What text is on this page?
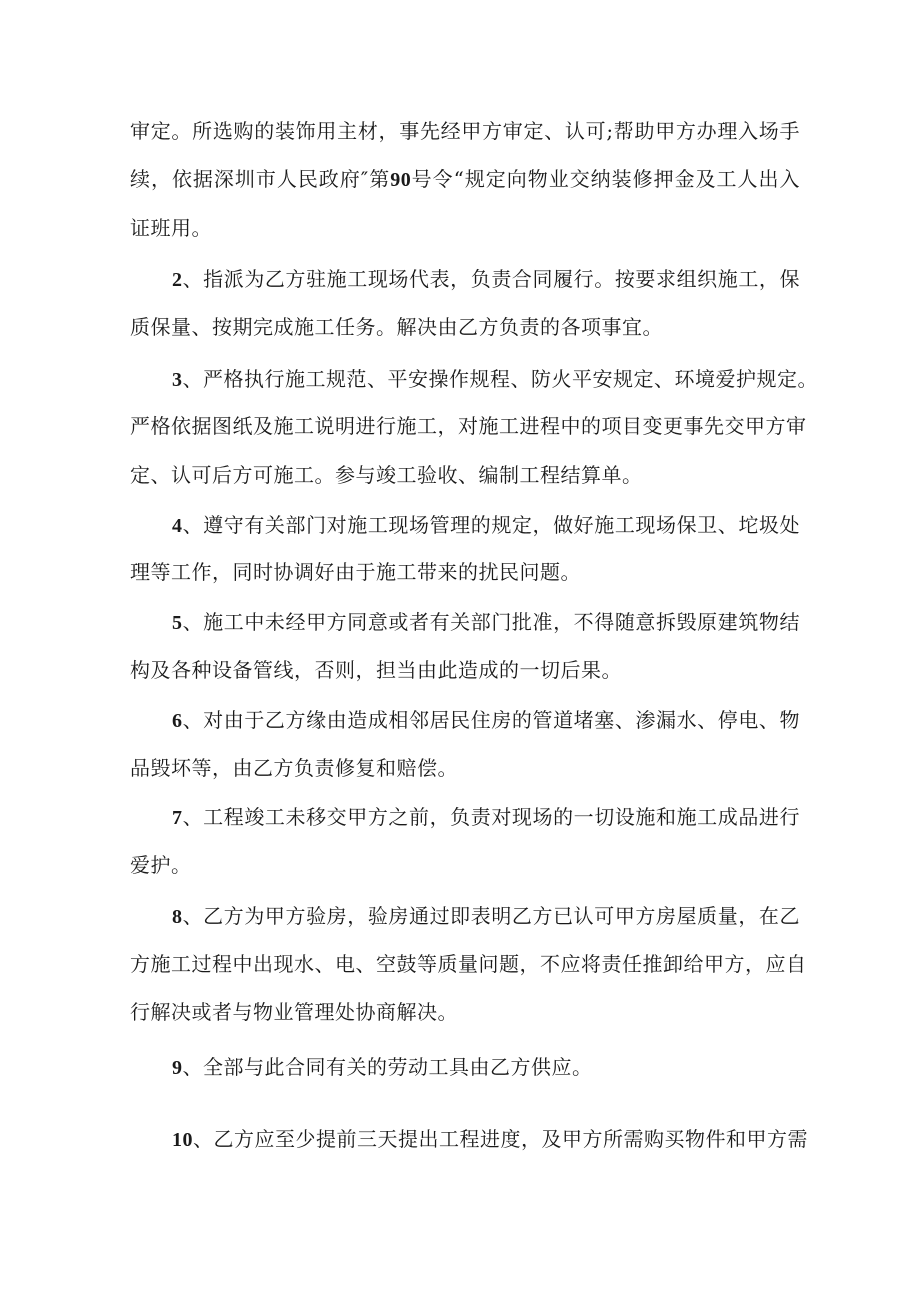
审定。所选购的装饰用主材，事先经甲方审定、认可;帮助甲方办理入场手
续，依据深圳市人民政府″第90号令“规定向物业交纳装修押金及工人出入
证班用。
2、指派为乙方驻施工现场代表，负责合同履行。按要求组织施工，保
质保量、按期完成施工任务。解决由乙方负责的各项事宜。
3、严格执行施工规范、平安操作规程、防火平安规定、环境爱护规定。
严格依据图纸及施工说明进行施工，对施工进程中的项目变更事先交甲方审
定、认可后方可施工。参与竣工验收、编制工程结算单。
4、遵守有关部门对施工现场管理的规定，做好施工现场保卫、坨圾处
理等工作，同时协调好由于施工带来的扰民问题。
5、施工中未经甲方同意或者有关部门批准，不得随意拆毁原建筑物结
构及各种设备管线，否则，担当由此造成的一切后果。
6、对由于乙方缘由造成相邻居民住房的管道堵塞、渗漏水、停电、物
品毁坏等，由乙方负责修复和赔偿。
7、工程竣工未移交甲方之前，负责对现场的一切设施和施工成品进行
爱护。
8、乙方为甲方验房，验房通过即表明乙方已认可甲方房屋质量，在乙
方施工过程中出现水、电、空鼓等质量问题，不应将责任推卸给甲方，应自
行解决或者与物业管理处协商解决。
9、全部与此合同有关的劳动工具由乙方供应。
10、乙方应至少提前三天提出工程进度，及甲方所需购买物件和甲方需
